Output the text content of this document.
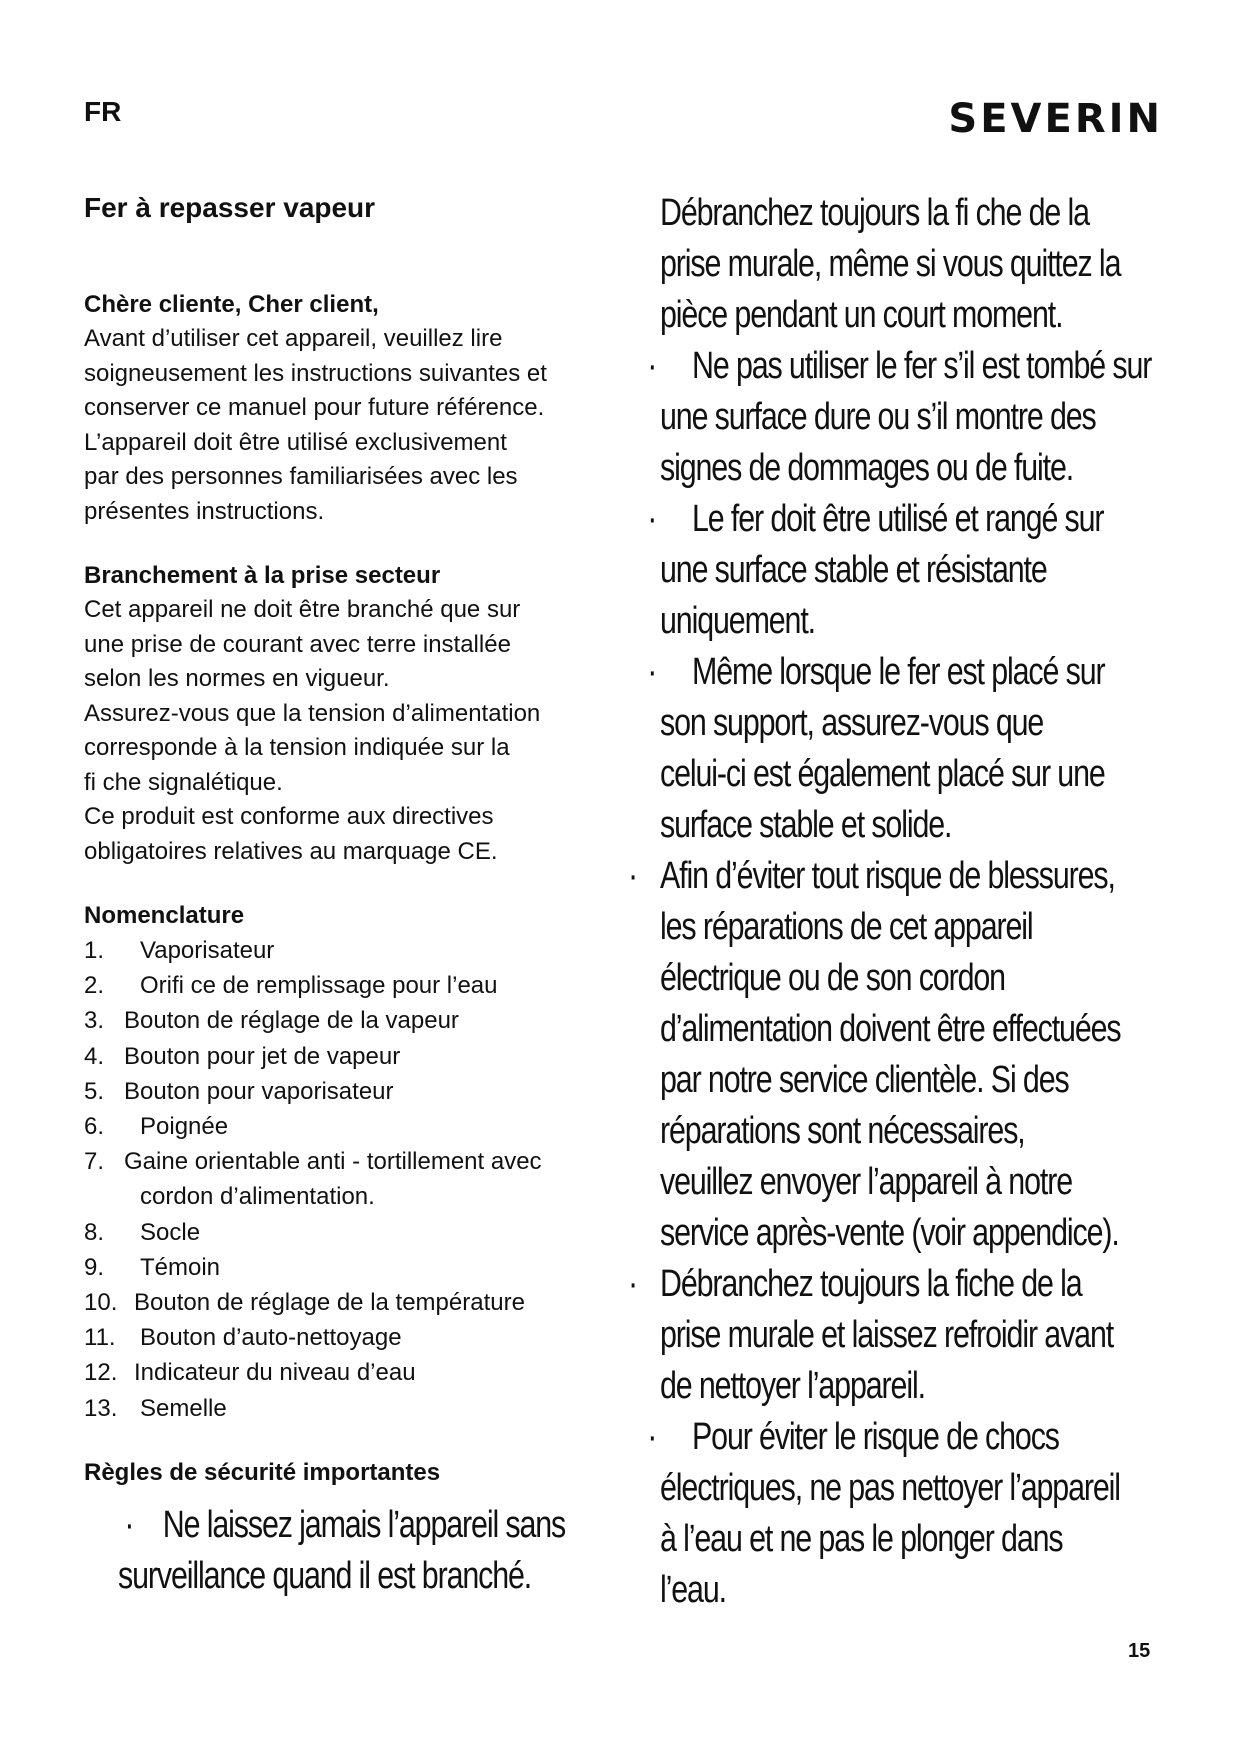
FR	SEVERIN
Fer à repasser vapeur
Chère cliente, Cher client,
Avant d’utiliser cet appareil, veuillez lire
soigneusement les instructions suivantes et
conserver ce manuel pour future référence.
L’appareil doit être utilisé exclusivement
par des personnes familiarisées avec les
présentes instructions.
Branchement à la prise secteur
Cet appareil ne doit être branché que sur
une prise de courant avec terre installée
selon les normes en vigueur.
Assurez-vous que la tension d’alimentation
corresponde à la tension indiquée sur la
fi che signalétique.
Ce produit est conforme aux directives
obligatoires relatives au marquage CE.
Nomenclature
1.	Vaporisateur
2.	Orifi ce de remplissage pour l’eau
3. Bouton de réglage de la vapeur
4. Bouton pour jet de vapeur
5. Bouton pour vaporisateur
6.	Poignée
7. Gaine orientable anti - tortillement avec
cordon d’alimentation.
8.	Socle
9.	Témoin
10. Bouton de réglage de la température
11.	Bouton d’auto-nettoyage
12. Indicateur du niveau d’eau
13. Semelle
Règles de sécurité importantes
· Ne laissez jamais l’appareil sans
surveillance quand il est branché.
Débranchez toujours la fi che de la
prise murale, même si vous quittez la
pièce pendant un court moment.
· Ne pas utiliser le fer s’il est tombé sur
une surface dure ou s’il montre des
signes de dommages ou de fuite.
· Le fer doit être utilisé et rangé sur
une surface stable et résistante
uniquement.
· Même lorsque le fer est placé sur
son support, assurez-vous que
celui-ci est également placé sur une
surface stable et solide.
· Afin d’éviter tout risque de blessures,
les réparations de cet appareil
électrique ou de son cordon
d’alimentation doivent être effectuées
par notre service clientèle. Si des
réparations sont nécessaires,
veuillez envoyer l’appareil à notre
service après-vente (voir appendice).
· Débranchez toujours la fiche de la
prise murale et laissez refroidir avant
de nettoyer l’appareil.
· Pour éviter le risque de chocs
électriques, ne pas nettoyer l’appareil
à l’eau et ne pas le plonger dans
l’eau.
15
